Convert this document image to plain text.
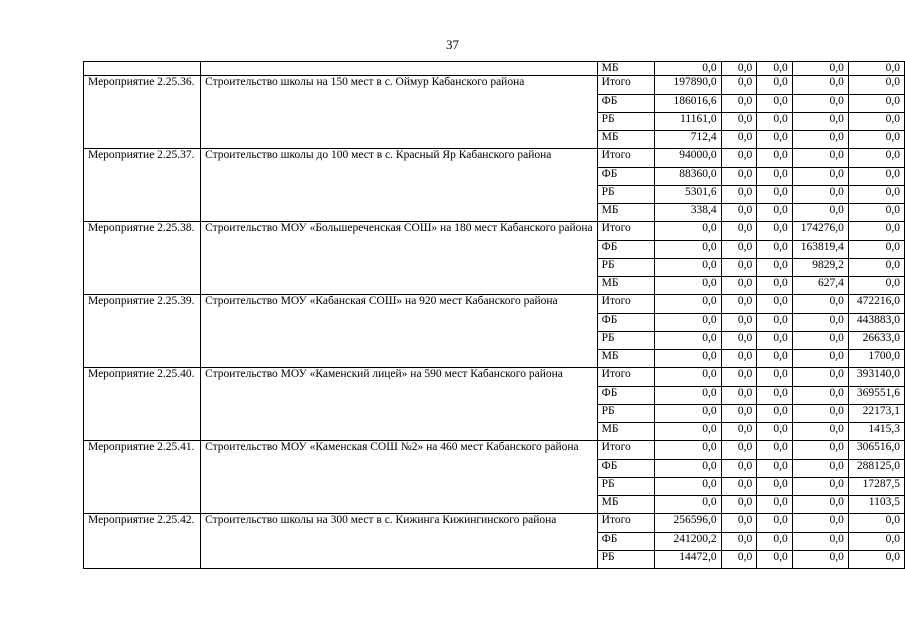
37
		МБ	0,0	0,0	0,0	0,0	0,0
Мероприятие 2.25.36.	Строительство школы на 150 мест в с. Оймур Кабанского района	Итого	197890,0	0,0	0,0	0,0	0,0
		ФБ	186016,6	0,0	0,0	0,0	0,0
		РБ	11161,0	0,0	0,0	0,0	0,0
		МБ	712,4	0,0	0,0	0,0	0,0
Мероприятие 2.25.37.	Строительство школы до 100 мест в с. Красный Яр Кабанского района	Итого	94000,0	0,0	0,0	0,0	0,0
		ФБ	88360,0	0,0	0,0	0,0	0,0
		РБ	5301,6	0,0	0,0	0,0	0,0
		МБ	338,4	0,0	0,0	0,0	0,0
Мероприятие 2.25.38.	Строительство МОУ «Большереченская СОШ» на 180 мест Кабанского района	Итого	0,0	0,0	0,0	174276,0	0,0
		ФБ	0,0	0,0	0,0	163819,4	0,0
		РБ	0,0	0,0	0,0	9829,2	0,0
		МБ	0,0	0,0	0,0	627,4	0,0
Мероприятие 2.25.39.	Строительство МОУ «Кабанская СОШ» на 920 мест Кабанского района	Итого	0,0	0,0	0,0	0,0	472216,0
		ФБ	0,0	0,0	0,0	0,0	443883,0
		РБ	0,0	0,0	0,0	0,0	26633,0
		МБ	0,0	0,0	0,0	0,0	1700,0
Мероприятие 2.25.40.	Строительство МОУ «Каменский лицей» на 590 мест Кабанского района	Итого	0,0	0,0	0,0	0,0	393140,0
		ФБ	0,0	0,0	0,0	0,0	369551,6
		РБ	0,0	0,0	0,0	0,0	22173,1
		МБ	0,0	0,0	0,0	0,0	1415,3
Мероприятие 2.25.41.	Строительство МОУ «Каменская СОШ №2» на 460 мест Кабанского района	Итого	0,0	0,0	0,0	0,0	306516,0
		ФБ	0,0	0,0	0,0	0,0	288125,0
		РБ	0,0	0,0	0,0	0,0	17287,5
		МБ	0,0	0,0	0,0	0,0	1103,5
Мероприятие 2.25.42.	Строительство школы на 300 мест в с. Кижинга Кижингинского района	Итого	256596,0	0,0	0,0	0,0	0,0
		ФБ	241200,2	0,0	0,0	0,0	0,0
		РБ	14472,0	0,0	0,0	0,0	0,0
